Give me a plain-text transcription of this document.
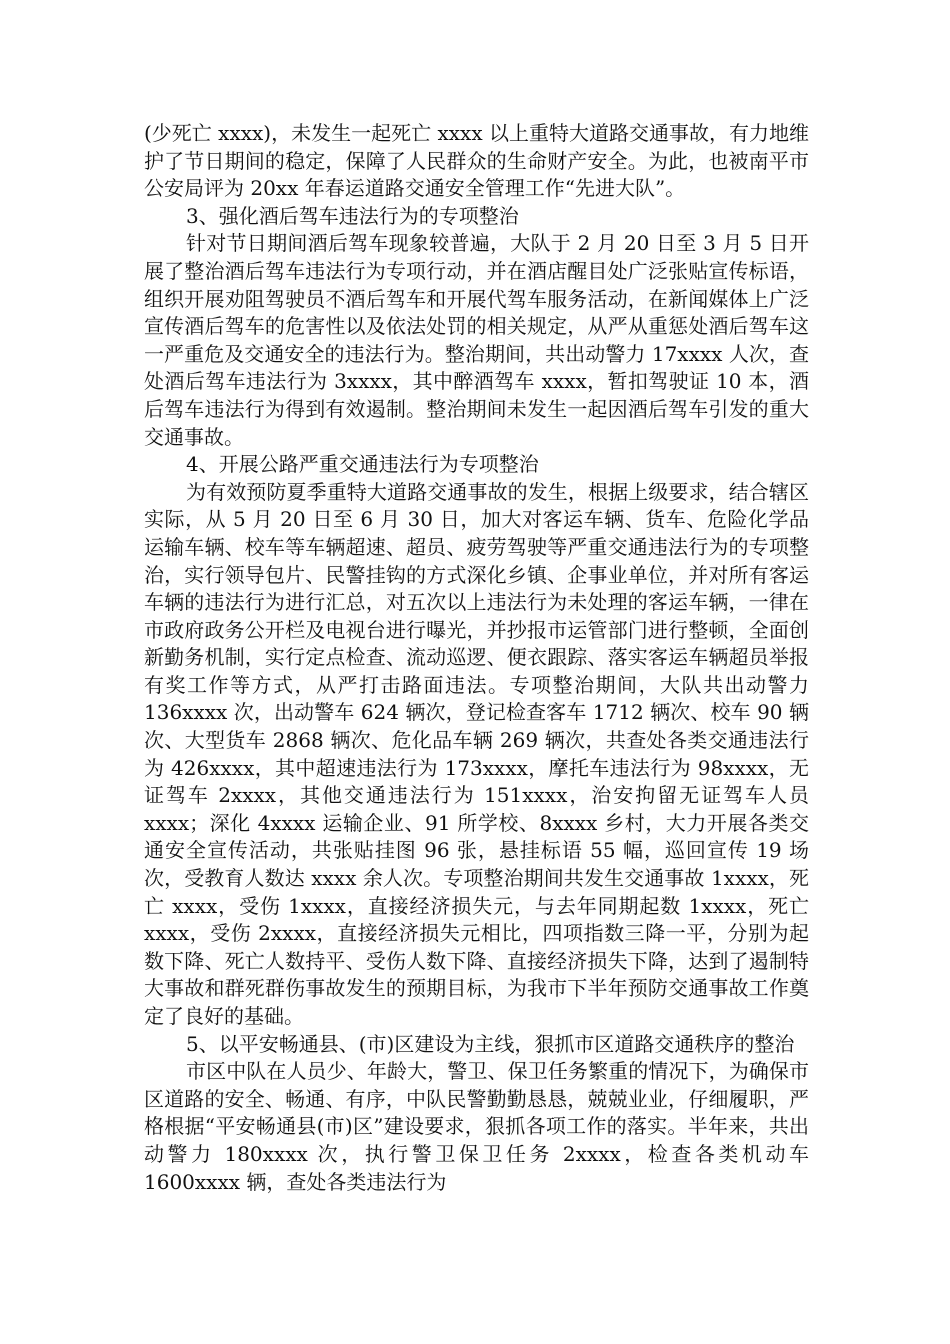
(少死亡 xxxx)，未发生一起死亡 xxxx 以上重特大道路交通事故，有力地维护了节日期间的稳定，保障了人民群众的生命财产安全。为此，也被南平市公安局评为 20xx 年春运道路交通安全管理工作“先进大队”。

3、强化酒后驾车违法行为的专项整治

针对节日期间酒后驾车现象较普遍，大队于 2 月 20 日至 3 月 5 日开展了整治酒后驾车违法行为专项行动，并在酒店醒目处广泛张贴宣传标语，组织开展劝阻驾驶员不酒后驾车和开展代驾车服务活动，在新闻媒体上广泛宣传酒后驾车的危害性以及依法处罚的相关规定，从严从重惩处酒后驾车这一严重危及交通安全的违法行为。整治期间，共出动警力 17xxxx 人次，查处酒后驾车违法行为 3xxxx，其中醉酒驾车 xxxx，暂扣驾驶证 10 本，酒后驾车违法行为得到有效遏制。整治期间未发生一起因酒后驾车引发的重大交通事故。

4、开展公路严重交通违法行为专项整治

为有效预防夏季重特大道路交通事故的发生，根据上级要求，结合辖区实际，从 5 月 20 日至 6 月 30 日，加大对客运车辆、货车、危险化学品运输车辆、校车等车辆超速、超员、疲劳驾驶等严重交通违法行为的专项整治，实行领导包片、民警挂钩的方式深化乡镇、企事业单位，并对所有客运车辆的违法行为进行汇总，对五次以上违法行为未处理的客运车辆，一律在市政府政务公开栏及电视台进行曝光，并抄报市运管部门进行整顿，全面创新勤务机制，实行定点检查、流动巡逻、便衣跟踪、落实客运车辆超员举报有奖工作等方式，从严打击路面违法。专项整治期间，大队共出动警力 136xxxx 次，出动警车 624 辆次，登记检查客车 1712 辆次、校车 90 辆次、大型货车 2868 辆次、危化品车辆 269 辆次，共查处各类交通违法行为 426xxxx，其中超速违法行为 173xxxx，摩托车违法行为 98xxxx，无证驾车 2xxxx，其他交通违法行为 151xxxx，治安拘留无证驾车人员 xxxx；深化 4xxxx 运输企业、91 所学校、8xxxx 乡村，大力开展各类交通安全宣传活动，共张贴挂图 96 张，悬挂标语 55 幅，巡回宣传 19 场次，受教育人数达 xxxx 余人次。专项整治期间共发生交通事故 1xxxx，死亡 xxxx，受伤 1xxxx，直接经济损失元，与去年同期起数 1xxxx，死亡 xxxx，受伤 2xxxx，直接经济损失元相比，四项指数三降一平，分别为起数下降、死亡人数持平、受伤人数下降、直接经济损失下降，达到了遏制特大事故和群死群伤事故发生的预期目标，为我市下半年预防交通事故工作奠定了良好的基础。

5、以平安畅通县、(市)区建设为主线，狠抓市区道路交通秩序的整治

市区中队在人员少、年龄大，警卫、保卫任务繁重的情况下，为确保市区道路的安全、畅通、有序，中队民警勤勤恳恳，兢兢业业，仔细履职，严格根据“平安畅通县(市)区”建设要求，狠抓各项工作的落实。半年来，共出动警力 180xxxx 次，执行警卫保卫任务 2xxxx，检查各类机动车 1600xxxx 辆，查处各类违法行为
